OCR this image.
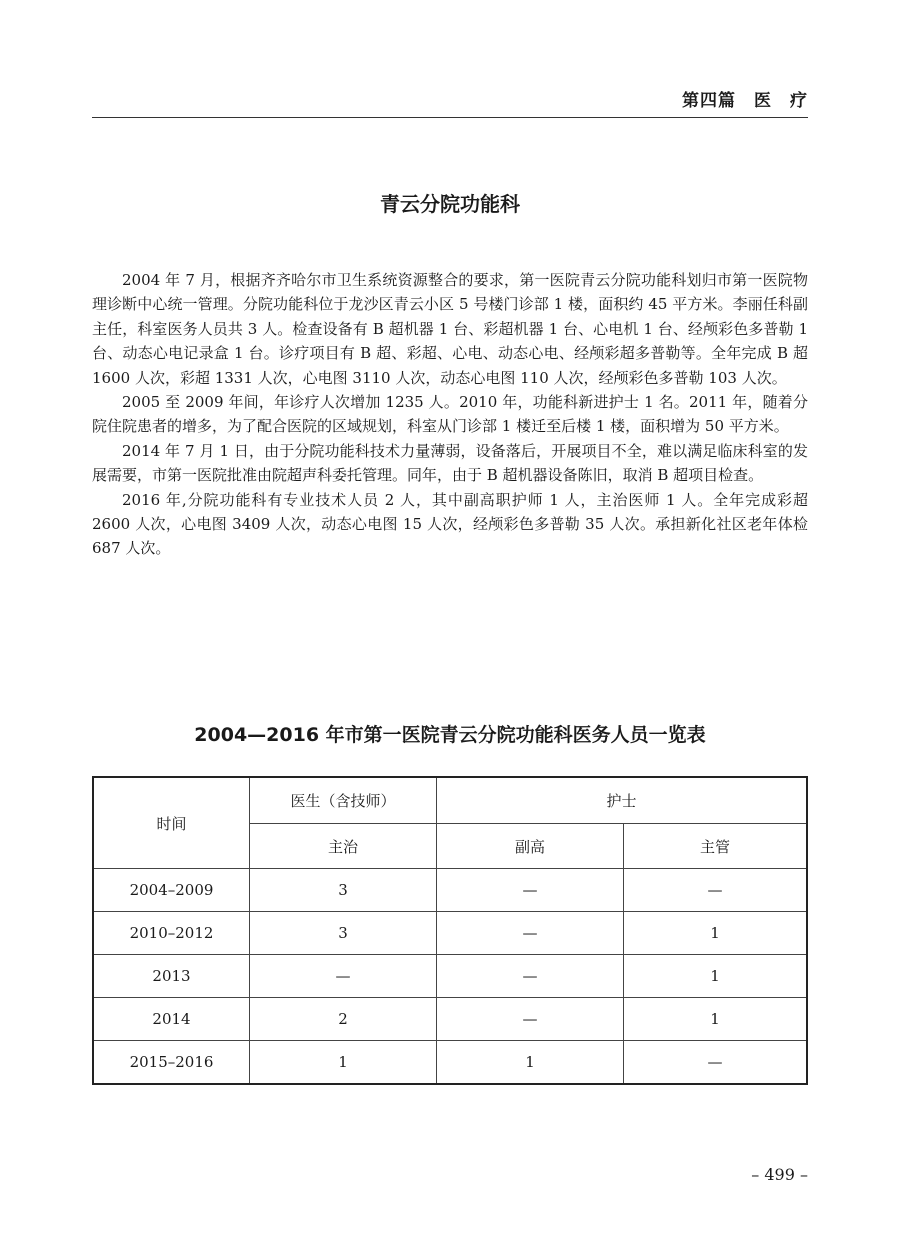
第四篇 医　疗
青云分院功能科

2004 年 7 月，根据齐齐哈尔市卫生系统资源整合的要求，第一医院青云分院功能科划归市第一医院物理诊断中心统一管理。分院功能科位于龙沙区青云小区 5 号楼门诊部 1 楼，面积约 45 平方米。李丽任科副主任，科室医务人员共 3 人。检查设备有 B 超机器 1 台、彩超机器 1 台、心电机 1 台、经颅彩色多普勒 1 台、动态心电记录盒 1 台。诊疗项目有 B 超、彩超、心电、动态心电、经颅彩超多普勒等。全年完成 B 超 1600 人次，彩超 1331 人次，心电图 3110 人次，动态心电图 110 人次，经颅彩色多普勒 103 人次。

2005 至 2009 年间，年诊疗人次增加 1235 人。2010 年，功能科新进护士 1 名。2011 年，随着分院住院患者的增多，为了配合医院的区域规划，科室从门诊部 1 楼迁至后楼 1 楼，面积增为 50 平方米。

2014 年 7 月 1 日，由于分院功能科技术力量薄弱，设备落后，开展项目不全，难以满足临床科室的发展需要，市第一医院批准由院超声科委托管理。同年，由于 B 超机器设备陈旧，取消 B 超项目检查。

2016 年,分院功能科有专业技术人员 2 人，其中副高职护师 1 人，主治医师 1 人。全年完成彩超 2600 人次，心电图 3409 人次，动态心电图 15 人次，经颅彩色多普勒 35 人次。承担新化社区老年体检 687 人次。

2004—2016 年市第一医院青云分院功能科医务人员一览表
时间	医生（含技师）	护士	
	主治	副高	主管
2004–2009	3	—	—
2010–2012	3	—	1
2013	—	—	1
2014	2	—	1
2015–2016	1	1	—
– 499 –
